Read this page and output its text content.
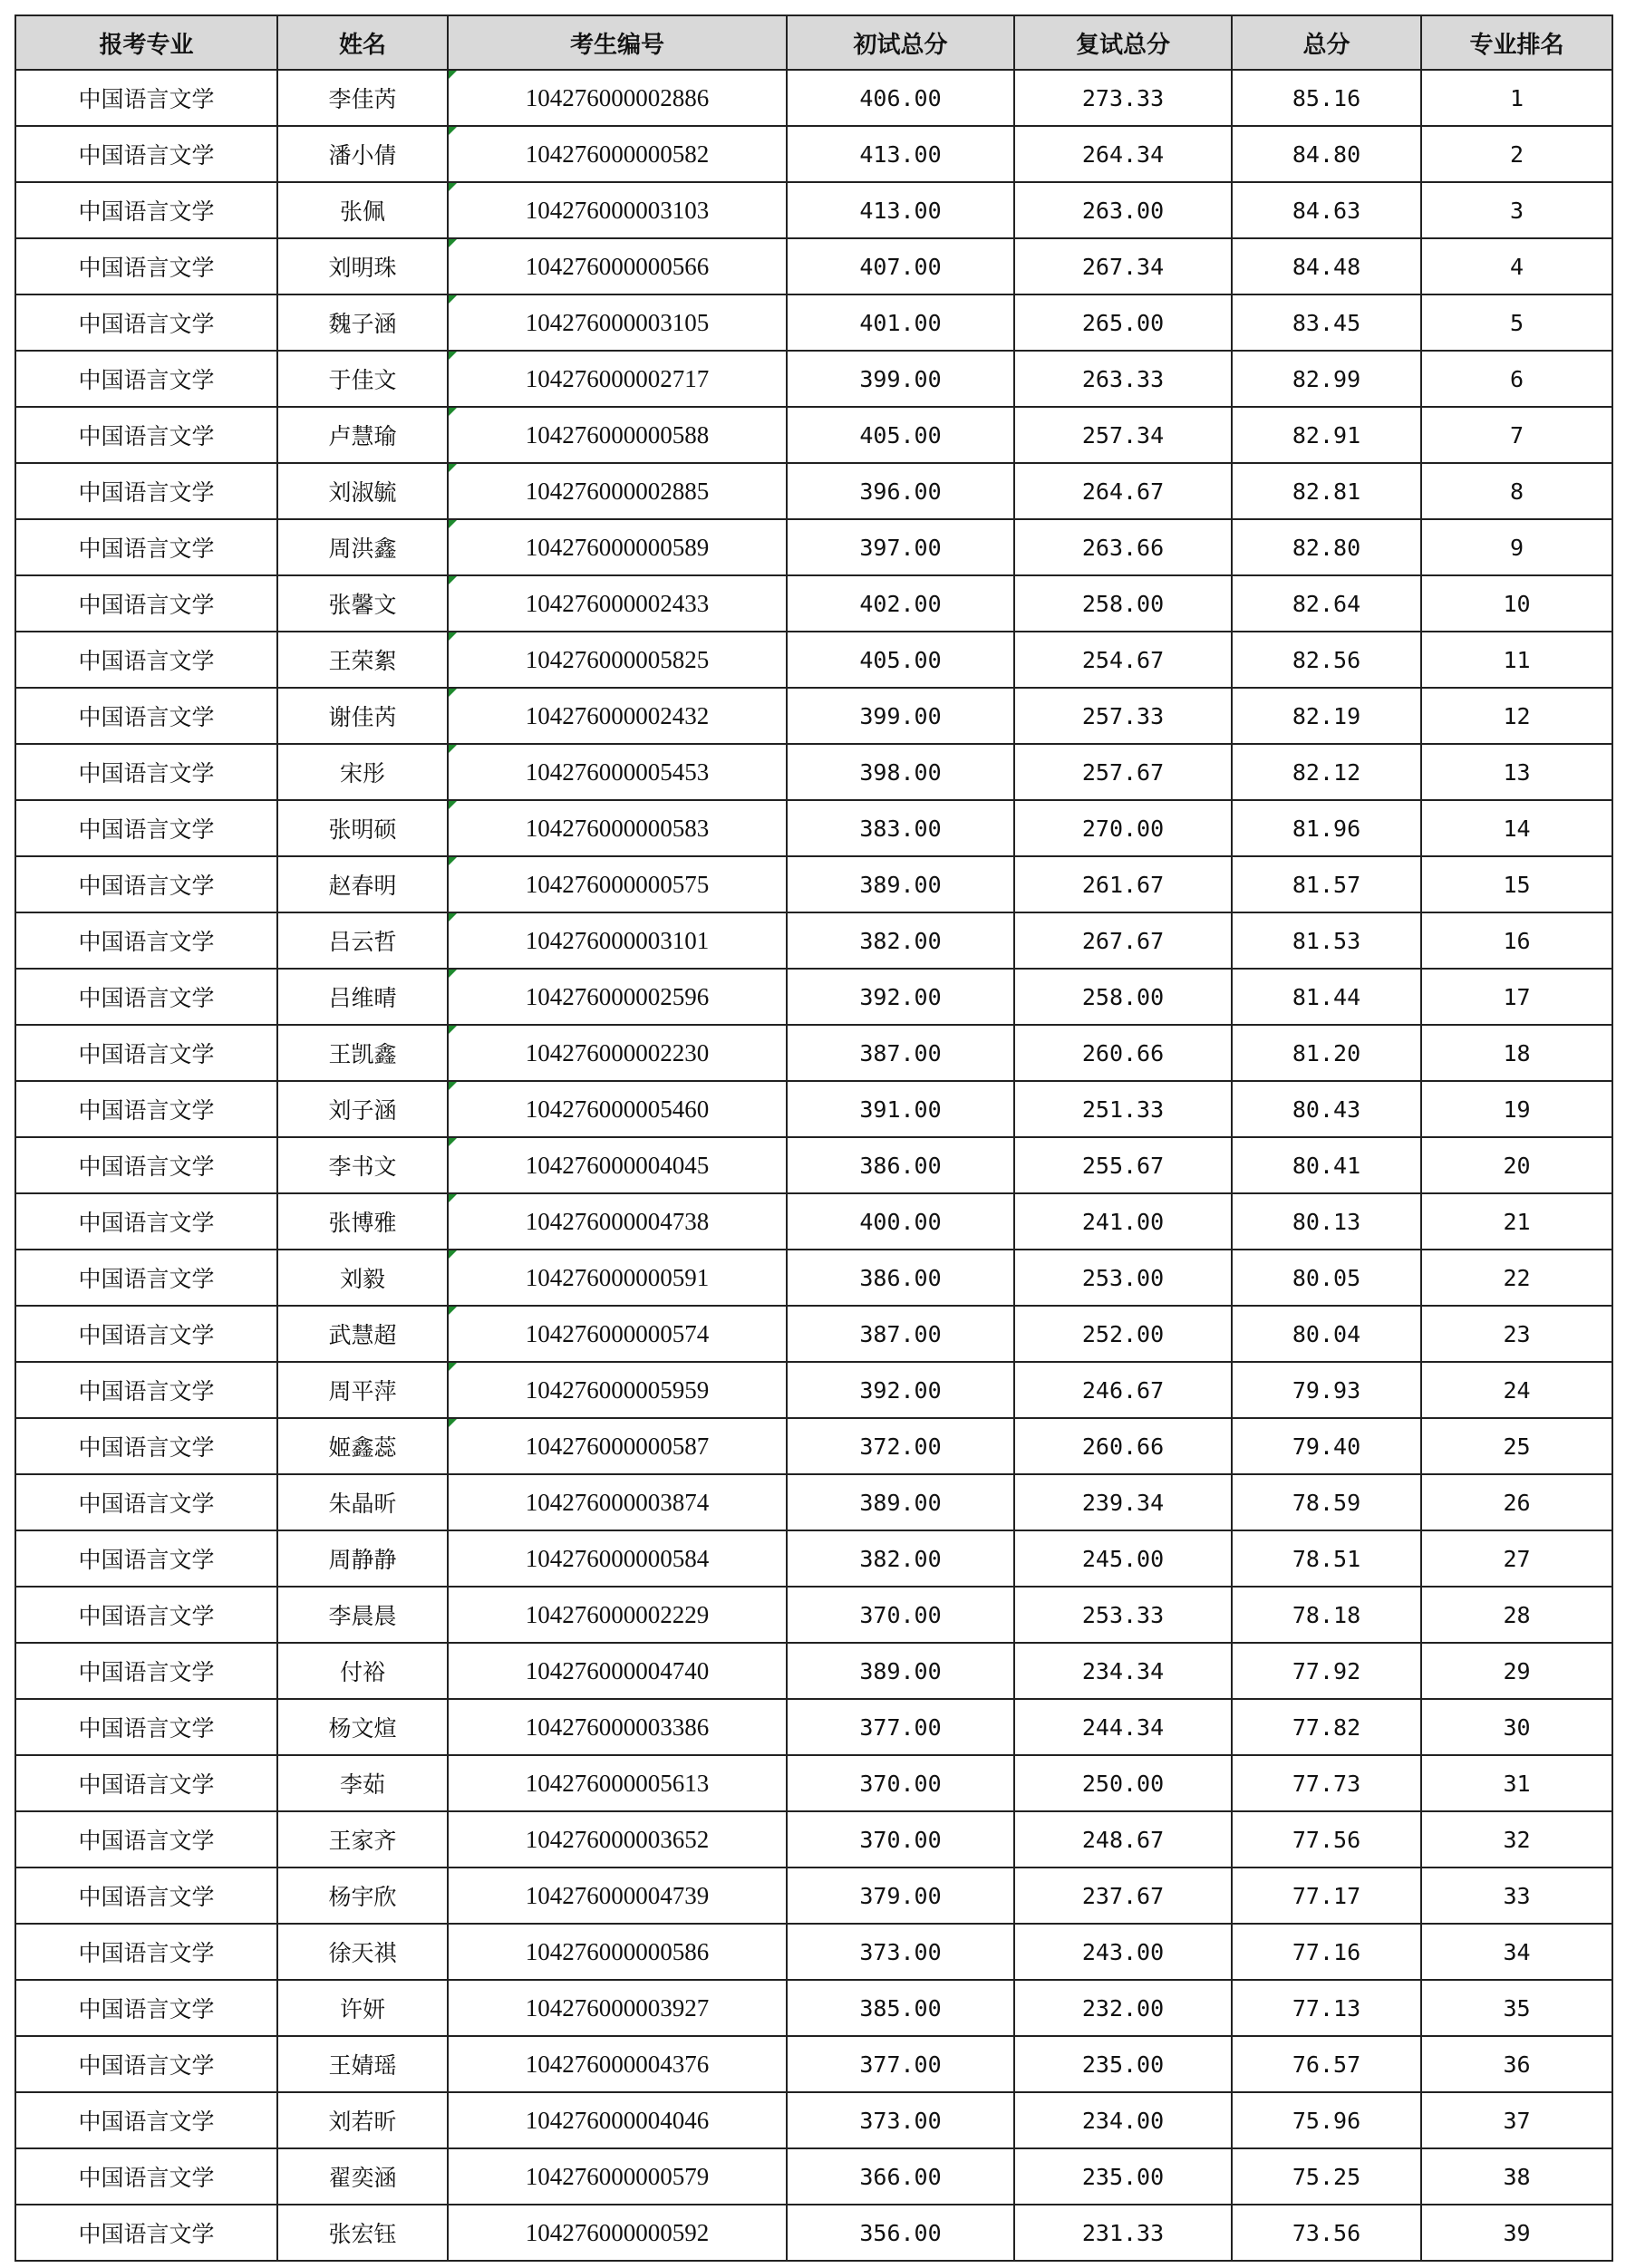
报考专业	姓名	考生编号	初试总分	复试总分	总分	专业排名
中国语言文学	李佳芮	104276000002886	406.00	273.33	85.16	1
中国语言文学	潘小倩	104276000000582	413.00	264.34	84.80	2
中国语言文学	张佩	104276000003103	413.00	263.00	84.63	3
中国语言文学	刘明珠	104276000000566	407.00	267.34	84.48	4
中国语言文学	魏子涵	104276000003105	401.00	265.00	83.45	5
中国语言文学	于佳文	104276000002717	399.00	263.33	82.99	6
中国语言文学	卢慧瑜	104276000000588	405.00	257.34	82.91	7
中国语言文学	刘淑毓	104276000002885	396.00	264.67	82.81	8
中国语言文学	周洪鑫	104276000000589	397.00	263.66	82.80	9
中国语言文学	张馨文	104276000002433	402.00	258.00	82.64	10
中国语言文学	王荣絮	104276000005825	405.00	254.67	82.56	11
中国语言文学	谢佳芮	104276000002432	399.00	257.33	82.19	12
中国语言文学	宋彤	104276000005453	398.00	257.67	82.12	13
中国语言文学	张明硕	104276000000583	383.00	270.00	81.96	14
中国语言文学	赵春明	104276000000575	389.00	261.67	81.57	15
中国语言文学	吕云哲	104276000003101	382.00	267.67	81.53	16
中国语言文学	吕维晴	104276000002596	392.00	258.00	81.44	17
中国语言文学	王凯鑫	104276000002230	387.00	260.66	81.20	18
中国语言文学	刘子涵	104276000005460	391.00	251.33	80.43	19
中国语言文学	李书文	104276000004045	386.00	255.67	80.41	20
中国语言文学	张博雅	104276000004738	400.00	241.00	80.13	21
中国语言文学	刘毅	104276000000591	386.00	253.00	80.05	22
中国语言文学	武慧超	104276000000574	387.00	252.00	80.04	23
中国语言文学	周平萍	104276000005959	392.00	246.67	79.93	24
中国语言文学	姬鑫蕊	104276000000587	372.00	260.66	79.40	25
中国语言文学	朱晶昕	104276000003874	389.00	239.34	78.59	26
中国语言文学	周静静	104276000000584	382.00	245.00	78.51	27
中国语言文学	李晨晨	104276000002229	370.00	253.33	78.18	28
中国语言文学	付裕	104276000004740	389.00	234.34	77.92	29
中国语言文学	杨文煊	104276000003386	377.00	244.34	77.82	30
中国语言文学	李茹	104276000005613	370.00	250.00	77.73	31
中国语言文学	王家齐	104276000003652	370.00	248.67	77.56	32
中国语言文学	杨宇欣	104276000004739	379.00	237.67	77.17	33
中国语言文学	徐天祺	104276000000586	373.00	243.00	77.16	34
中国语言文学	许妍	104276000003927	385.00	232.00	77.13	35
中国语言文学	王婧瑶	104276000004376	377.00	235.00	76.57	36
中国语言文学	刘若昕	104276000004046	373.00	234.00	75.96	37
中国语言文学	翟奕涵	104276000000579	366.00	235.00	75.25	38
中国语言文学	张宏钰	104276000000592	356.00	231.33	73.56	39
